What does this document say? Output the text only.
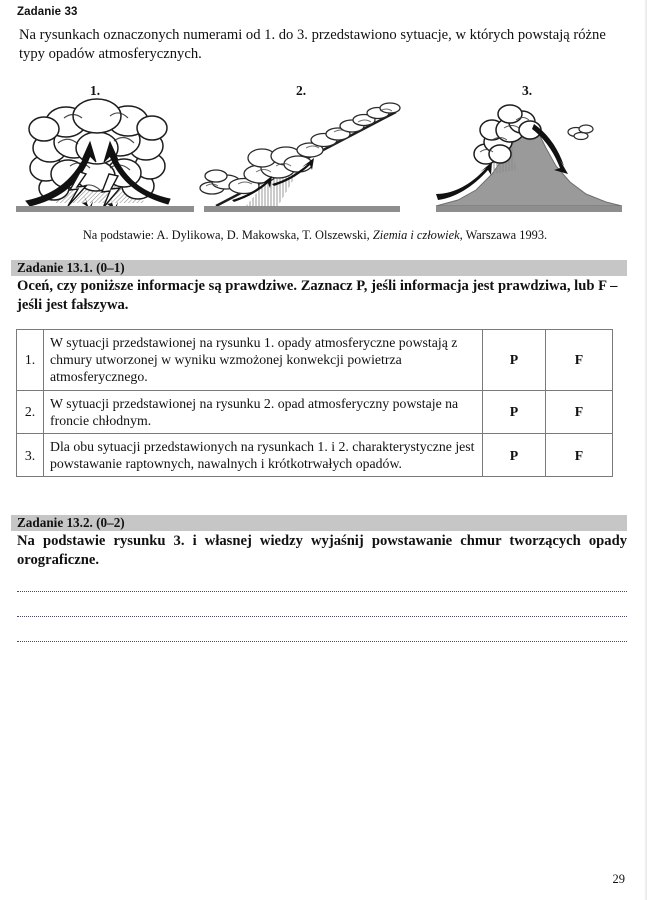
Zadanie 33
Na rysunkach oznaczonych numerami od 1. do 3. przedstawiono sytuacje, w których powstają różne typy opadów atmosferycznych.
1.	2.	3.
Na podstawie: A. Dylikowa, D. Makowska, T. Olszewski, Ziemia i człowiek, Warszawa 1993.
Zadanie 13.1. (0–1)
Oceń, czy poniższe informacje są prawdziwe. Zaznacz P, jeśli informacja jest prawdziwa, lub F – jeśli jest fałszywa.
1.	W sytuacji przedstawionej na rysunku 1. opady atmosferyczne powstają z chmury utworzonej w wyniku wzmożonej konwekcji powietrza atmosferycznego.	P	F
2.	W sytuacji przedstawionej na rysunku 2. opad atmosferyczny powstaje na froncie chłodnym.	P	F
3.	Dla obu sytuacji przedstawionych na rysunkach 1. i 2. charakterystyczne jest powstawanie raptownych, nawalnych i krótkotrwałych opadów.	P	F
Zadanie 13.2. (0–2)
Na podstawie rysunku 3. i własnej wiedzy wyjaśnij powstawanie chmur tworzących opady orograficzne.
29
